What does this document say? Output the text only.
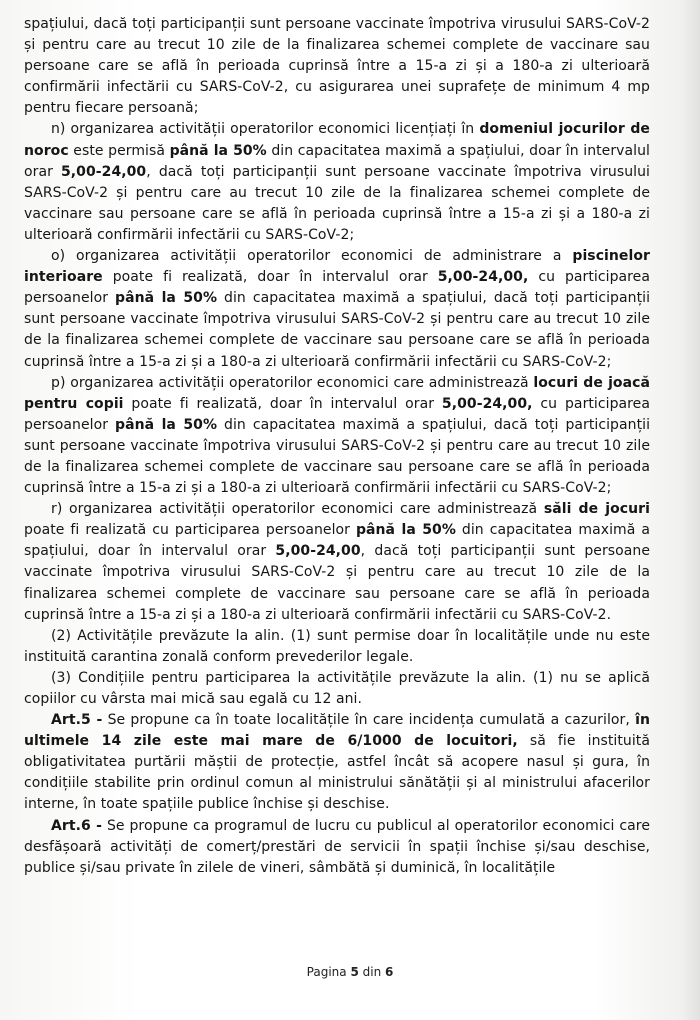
spațiului, dacă toți participanții sunt persoane vaccinate împotriva virusului SARS-CoV-2 și pentru care au trecut 10 zile de la finalizarea schemei complete de vaccinare sau persoane care se află în perioada cuprinsă între a 15-a zi și a 180-a zi ulterioară confirmării infectării cu SARS-CoV-2, cu asigurarea unei suprafețe de minimum 4 mp pentru fiecare persoană;

n) organizarea activității operatorilor economici licențiați în domeniul jocurilor de noroc este permisă până la 50% din capacitatea maximă a spațiului, doar în intervalul orar 5,00-24,00, dacă toți participanții sunt persoane vaccinate împotriva virusului SARS-CoV-2 și pentru care au trecut 10 zile de la finalizarea schemei complete de vaccinare sau persoane care se află în perioada cuprinsă între a 15-a zi și a 180-a zi ulterioară confirmării infectării cu SARS-CoV-2;

o) organizarea activității operatorilor economici de administrare a piscinelor interioare poate fi realizată, doar în intervalul orar 5,00-24,00, cu participarea persoanelor până la 50% din capacitatea maximă a spațiului, dacă toți participanții sunt persoane vaccinate împotriva virusului SARS-CoV-2 și pentru care au trecut 10 zile de la finalizarea schemei complete de vaccinare sau persoane care se află în perioada cuprinsă între a 15-a zi și a 180-a zi ulterioară confirmării infectării cu SARS-CoV-2;

p) organizarea activității operatorilor economici care administrează locuri de joacă pentru copii poate fi realizată, doar în intervalul orar 5,00-24,00, cu participarea persoanelor până la 50% din capacitatea maximă a spațiului, dacă toți participanții sunt persoane vaccinate împotriva virusului SARS-CoV-2 și pentru care au trecut 10 zile de la finalizarea schemei complete de vaccinare sau persoane care se află în perioada cuprinsă între a 15-a zi și a 180-a zi ulterioară confirmării infectării cu SARS-CoV-2;

r) organizarea activității operatorilor economici care administrează săli de jocuri poate fi realizată cu participarea persoanelor până la 50% din capacitatea maximă a spațiului, doar în intervalul orar 5,00-24,00, dacă toți participanții sunt persoane vaccinate împotriva virusului SARS-CoV-2 și pentru care au trecut 10 zile de la finalizarea schemei complete de vaccinare sau persoane care se află în perioada cuprinsă între a 15-a zi și a 180-a zi ulterioară confirmării infectării cu SARS-CoV-2.

(2) Activitățile prevăzute la alin. (1) sunt permise doar în localitățile unde nu este instituită carantina zonală conform prevederilor legale.

(3) Condițiile pentru participarea la activitățile prevăzute la alin. (1) nu se aplică copiilor cu vârsta mai mică sau egală cu 12 ani.

Art.5 - Se propune ca în toate localitățile în care incidența cumulată a cazurilor, în ultimele 14 zile este mai mare de 6/1000 de locuitori, să fie instituită obligativitatea purtării măștii de protecție, astfel încât să acopere nasul și gura, în condițiile stabilite prin ordinul comun al ministrului sănătății și al ministrului afacerilor interne, în toate spațiile publice închise și deschise.

Art.6 - Se propune ca programul de lucru cu publicul al operatorilor economici care desfășoară activități de comerț/prestări de servicii în spații închise și/sau deschise, publice și/sau private în zilele de vineri, sâmbătă și duminică, în localitățile

Pagina 5 din 6
